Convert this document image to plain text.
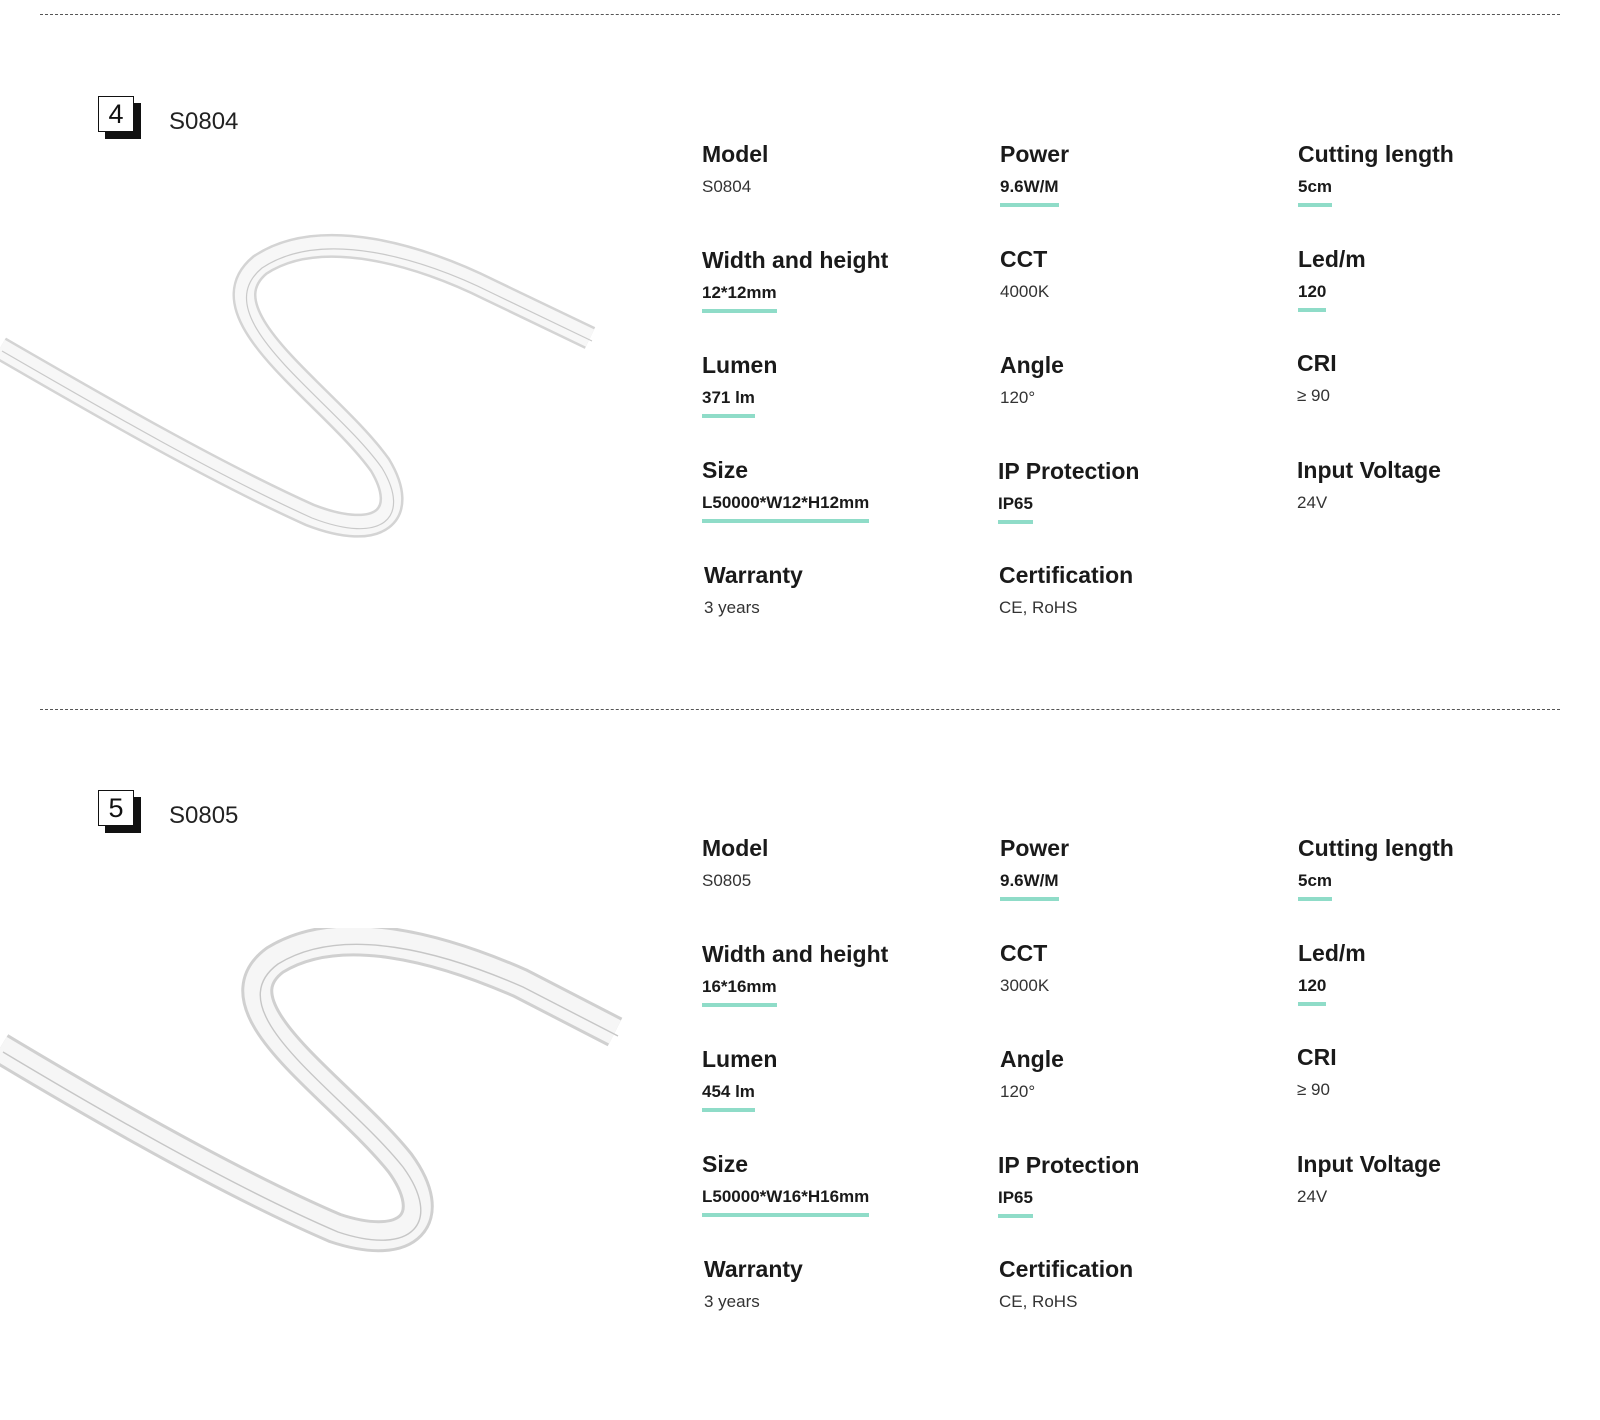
4	S0804
Model
S0804
Power
9.6W/M
Cutting length
5cm
Width and height
12*12mm
CCT
4000K
Led/m
120
Lumen
371 lm
Angle
120°
CRI
≥ 90
Size
L50000*W12*H12mm
IP Protection
IP65
Input Voltage
24V
Warranty
3 years
Certification
CE, RoHS
5	S0805
Model
S0805
Power
9.6W/M
Cutting length
5cm
Width and height
16*16mm
CCT
3000K
Led/m
120
Lumen
454 lm
Angle
120°
CRI
≥ 90
Size
L50000*W16*H16mm
IP Protection
IP65
Input Voltage
24V
Warranty
3 years
Certification
CE, RoHS
